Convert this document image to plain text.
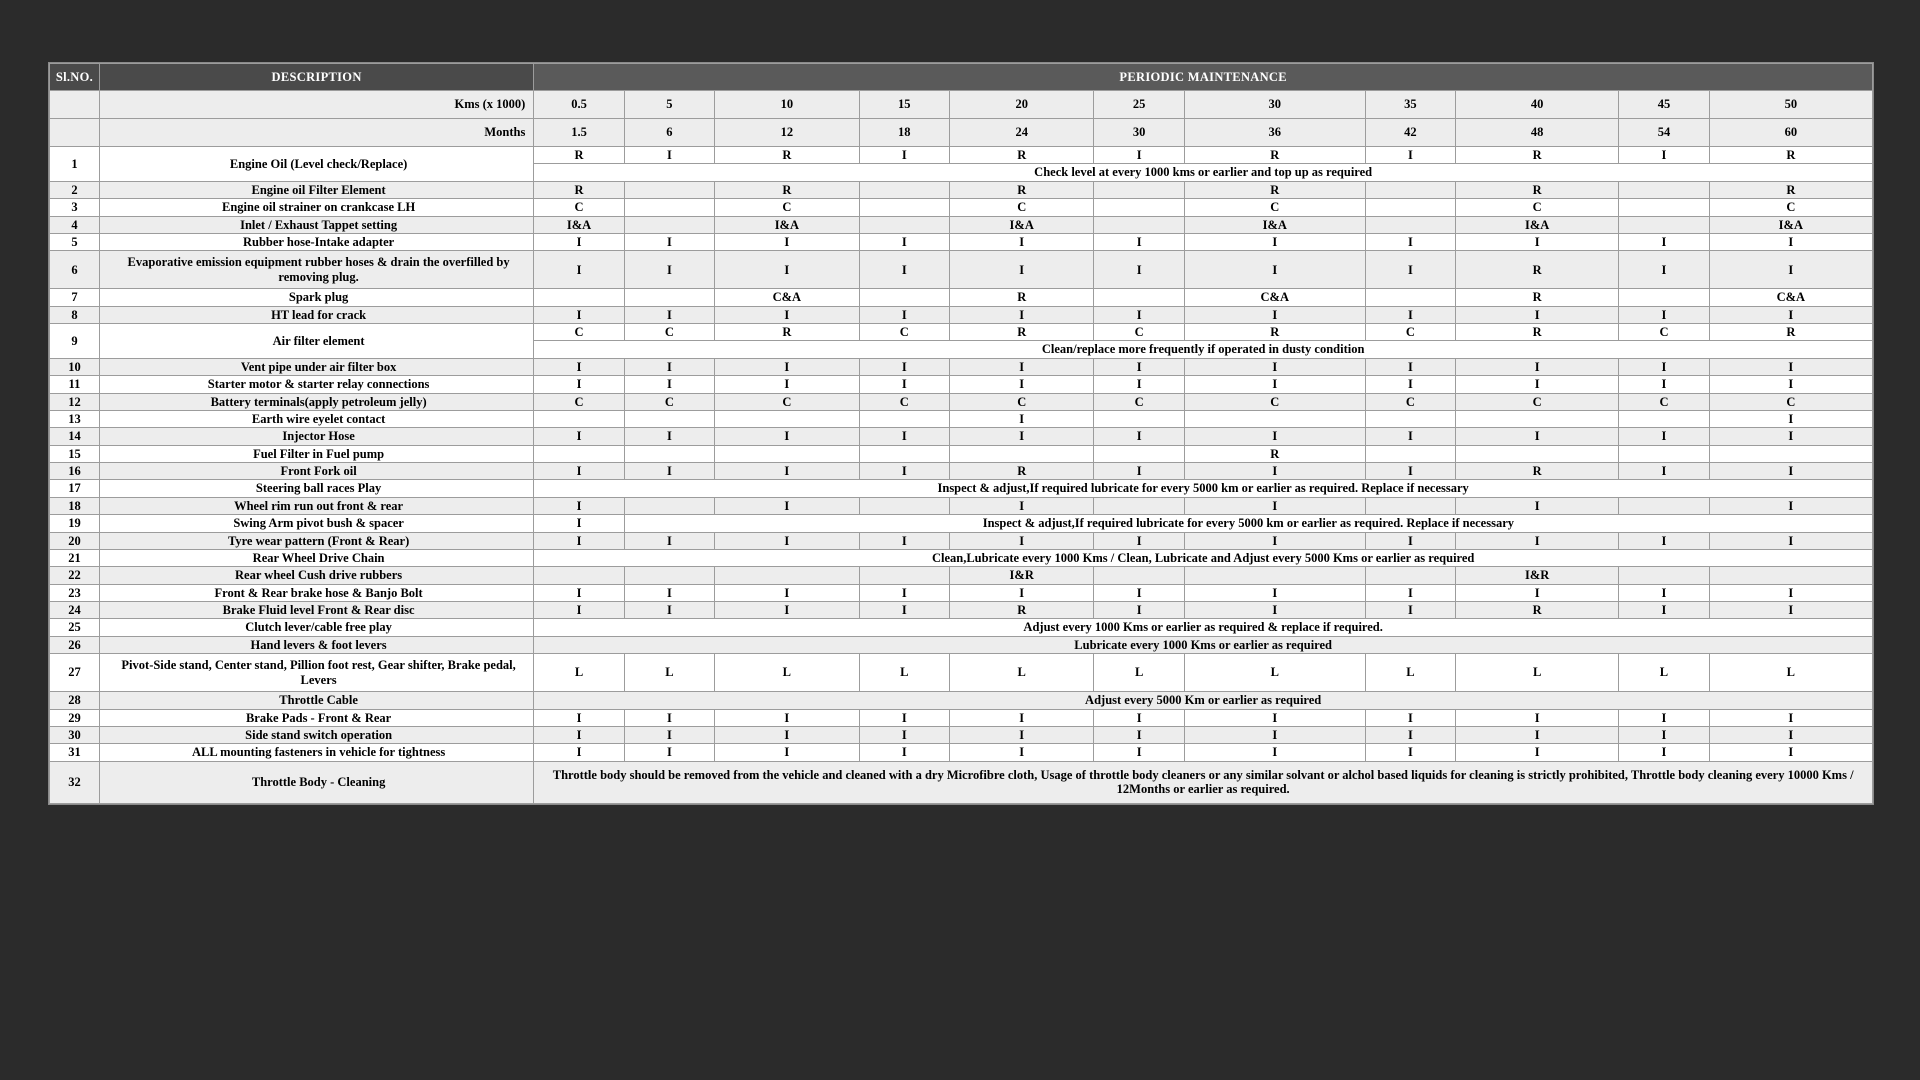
Sl.NO.	DESCRIPTION	PERIODIC MAINTENANCE										
	Kms (x 1000)	0.5	5	10	15	20	25	30	35	40	45	50
	Months	1.5	6	12	18	24	30	36	42	48	54	60
1	Engine Oil (Level check/Replace)	R	I	R	I	R	I	R	I	R	I	R
		Check level at every 1000 kms or earlier and top up as required										
2	Engine oil Filter Element	R		R		R		R		R		R
3	Engine oil strainer on crankcase LH	C		C		C		C		C		C
4	Inlet / Exhaust Tappet setting	I&A		I&A		I&A		I&A		I&A		I&A
5	Rubber hose-Intake adapter	I	I	I	I	I	I	I	I	I	I	I
6	Evaporative emission equipment rubber hoses & drain the overfilled by removing plug.	I	I	I	I	I	I	I	I	R	I	I
7	Spark plug			C&A		R		C&A		R		C&A
8	HT lead for crack	I	I	I	I	I	I	I	I	I	I	I
9	Air filter element	C	C	R	C	R	C	R	C	R	C	R
		Clean/replace more frequently if operated in dusty condition										
10	Vent pipe under air filter box	I	I	I	I	I	I	I	I	I	I	I
11	Starter motor & starter relay connections	I	I	I	I	I	I	I	I	I	I	I
12	Battery terminals(apply petroleum jelly)	C	C	C	C	C	C	C	C	C	C	C
13	Earth wire eyelet contact					I						I
14	Injector Hose	I	I	I	I	I	I	I	I	I	I	I
15	Fuel Filter in Fuel pump							R				
16	Front Fork oil	I	I	I	I	R	I	I	I	R	I	I
17	Steering ball races Play	Inspect & adjust,If required lubricate for every 5000 km or earlier as required. Replace if necessary										
18	Wheel rim run out front & rear	I		I		I		I		I		I
19	Swing Arm pivot bush & spacer	I	Inspect & adjust,If required lubricate for every 5000 km or earlier as required. Replace if necessary									
20	Tyre wear pattern (Front & Rear)	I	I	I	I	I	I	I	I	I	I	I
21	Rear Wheel Drive Chain	Clean,Lubricate every 1000 Kms / Clean, Lubricate and Adjust every 5000 Kms or earlier as required										
22	Rear wheel Cush drive rubbers					I&R				I&R		
23	Front & Rear brake hose & Banjo Bolt	I	I	I	I	I	I	I	I	I	I	I
24	Brake Fluid level Front & Rear disc	I	I	I	I	R	I	I	I	R	I	I
25	Clutch lever/cable free play	Adjust every 1000 Kms or earlier as required & replace if required.										
26	Hand levers & foot levers	Lubricate every 1000 Kms or earlier as required										
27	Pivot-Side stand, Center stand, Pillion foot rest, Gear shifter, Brake pedal, Levers	L	L	L	L	L	L	L	L	L	L	L
28	Throttle Cable	Adjust every 5000 Km or earlier as required										
29	Brake Pads - Front & Rear	I	I	I	I	I	I	I	I	I	I	I
30	Side stand switch operation	I	I	I	I	I	I	I	I	I	I	I
31	ALL mounting fasteners in vehicle for tightness	I	I	I	I	I	I	I	I	I	I	I
32	Throttle Body - Cleaning	Throttle body should be removed from the vehicle and cleaned with a dry Microfibre cloth, Usage of throttle body cleaners or any similar solvant or alchol based liquids for cleaning is strictly prohibited, Throttle body cleaning every 10000 Kms / 12Months or earlier as required.										
